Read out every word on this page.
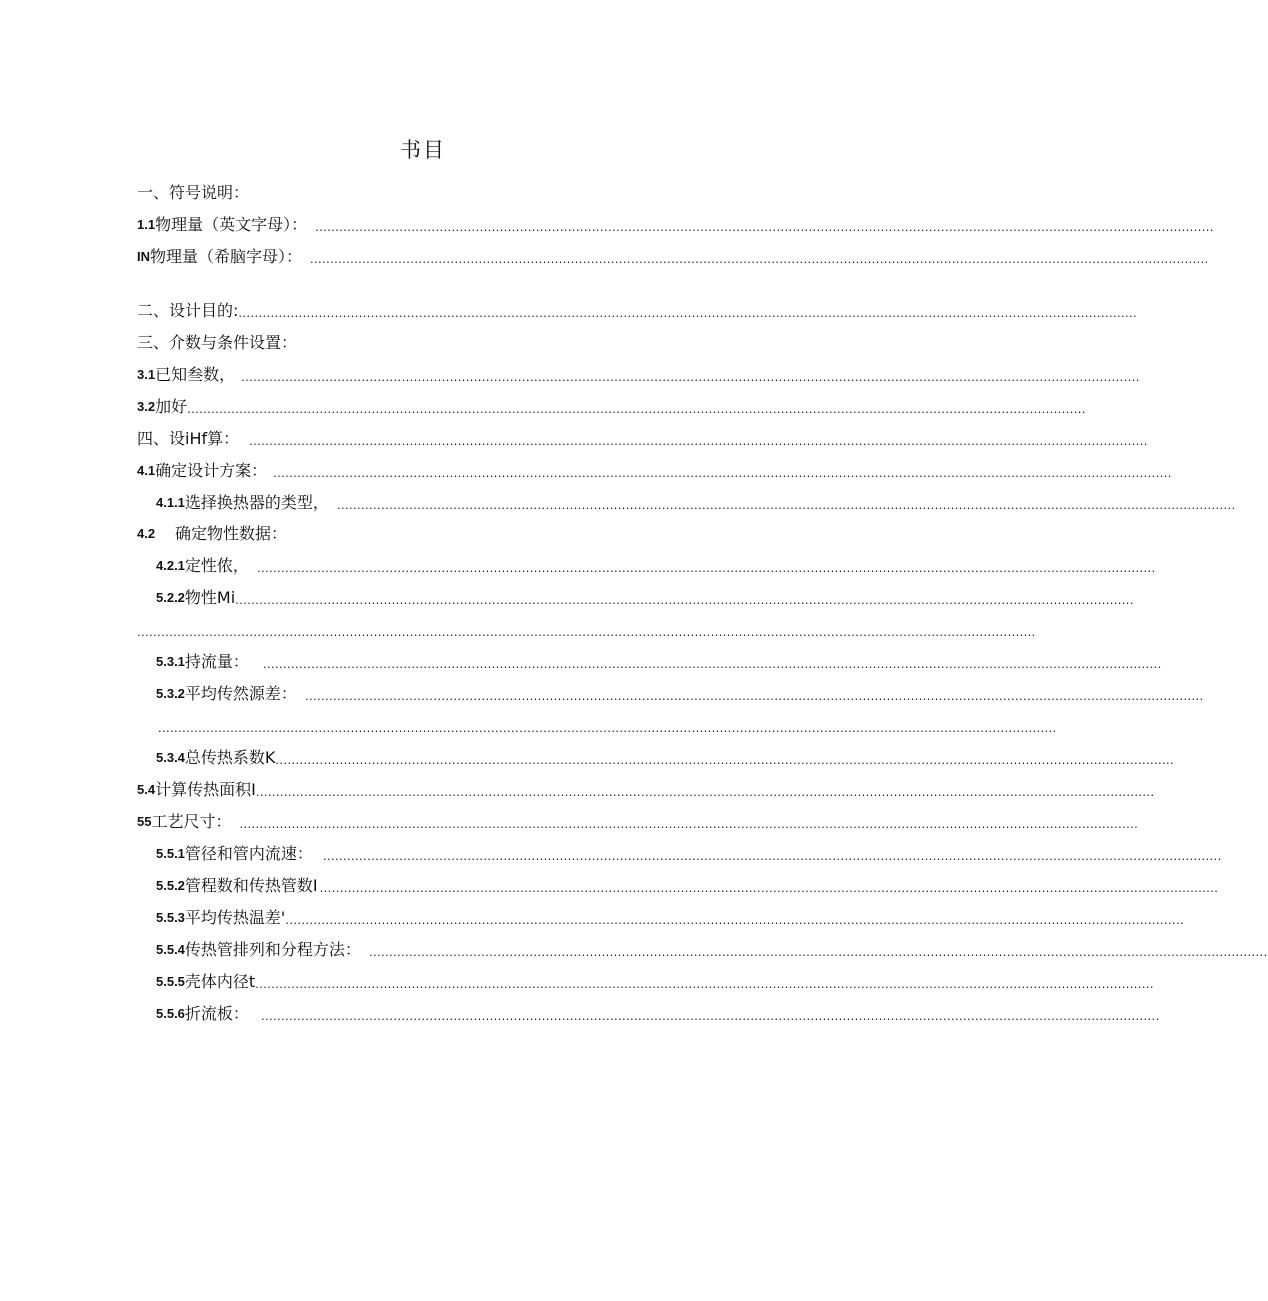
书目
一、符号说明：
1.1 物理量（英文字母）： ................................................................................................................................................................................................................................
IN 物理量（希脑字母）： ................................................................................................................................................................................................................................
二、设计目的: ................................................................................................................................................................................................................................
三、介数与条件设置：
3.1 已知叁数， ................................................................................................................................................................................................................................
3.2 加好 ................................................................................................................................................................................................................................
四、设iHf算： ................................................................................................................................................................................................................................
4.1 确定设计方案： ................................................................................................................................................................................................................................
4.1.1 选择换热器的类型， ................................................................................................................................................................................................................................
4.2	确定物性数据：
4.2.1 定性侬， ................................................................................................................................................................................................................................
5.2.2 物性Mi ................................................................................................................................................................................................................................
................................................................................................................................................................................................................................
5.3.1 持流量： ................................................................................................................................................................................................................................
5.3.2 平均传然源差： ................................................................................................................................................................................................................................
................................................................................................................................................................................................................................
5.3.4 总传热系数K ................................................................................................................................................................................................................................
5.4 计算传热面积I ................................................................................................................................................................................................................................
55 工艺尺寸： ................................................................................................................................................................................................................................
5.5.1 管径和管内流速： ................................................................................................................................................................................................................................
5.5.2 管程数和传热管数I ................................................................................................................................................................................................................................
5.5.3 平均传热温差' ................................................................................................................................................................................................................................
5.5.4 传热管排列和分程方法： ................................................................................................................................................................................................................................
5.5.5 壳体内径t ................................................................................................................................................................................................................................
5.5.6 折流板： ................................................................................................................................................................................................................................
